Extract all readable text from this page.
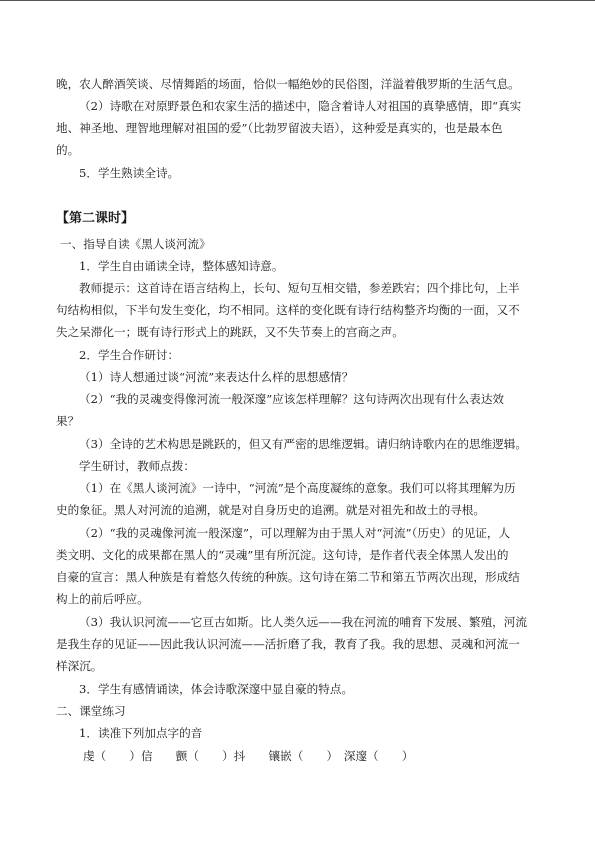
晚，农人醉酒笑谈、尽情舞蹈的场面，恰似一幅绝妙的民俗图，洋溢着俄罗斯的生活气息。
（2）诗歌在对原野景色和农家生活的描述中，隐含着诗人对祖国的真挚感情，即“真实
地、神圣地、理智地理解对祖国的爱”（比勃罗留波夫语），这种爱是真实的，也是最本色
的。
5．学生熟读全诗。
【第二课时】
一、指导自读《黑人谈河流》
1．学生自由诵读全诗，整体感知诗意。
教师提示：这首诗在语言结构上，长句、短句互相交错，参差跌宕；四个排比句，上半
句结构相似，下半句发生变化，均不相同。这样的变化既有诗行结构整齐均衡的一面，又不
失之呆滞化一；既有诗行形式上的跳跃，又不失节奏上的宫商之声。
2．学生合作研讨：
（1）诗人想通过谈“河流”来表达什么样的思想感情？
（2）“我的灵魂变得像河流一般深邃”应该怎样理解？这句诗两次出现有什么表达效
果？
（3）全诗的艺术构思是跳跃的，但又有严密的思维逻辑。请归纳诗歌内在的思维逻辑。
学生研讨，教师点拨：
（1）在《黑人谈河流》一诗中，“河流”是个高度凝练的意象。我们可以将其理解为历
史的象征。黑人对河流的追溯，就是对自身历史的追溯。就是对祖先和故土的寻根。
（2）“我的灵魂像河流一般深邃”，可以理解为由于黑人对“河流”（历史）的见证，人
类文明、文化的成果都在黑人的“灵魂”里有所沉淀。这句诗，是作者代表全体黑人发出的
自豪的宣言：黑人种族是有着悠久传统的种族。这句诗在第二节和第五节两次出现，形成结
构上的前后呼应。
（3）我认识河流——它亘古如斯。比人类久远——我在河流的哺育下发展、繁殖，河流
是我生存的见证——因此我认识河流——活折磨了我，教育了我。我的思想、灵魂和河流一
样深沉。
3．学生有感情诵读，体会诗歌深邃中显自豪的特点。
二、课堂练习
1．读准下列加点字的音
虔（　　）信　　颤（　　）抖　　镶嵌（　　）　深邃（　　）
